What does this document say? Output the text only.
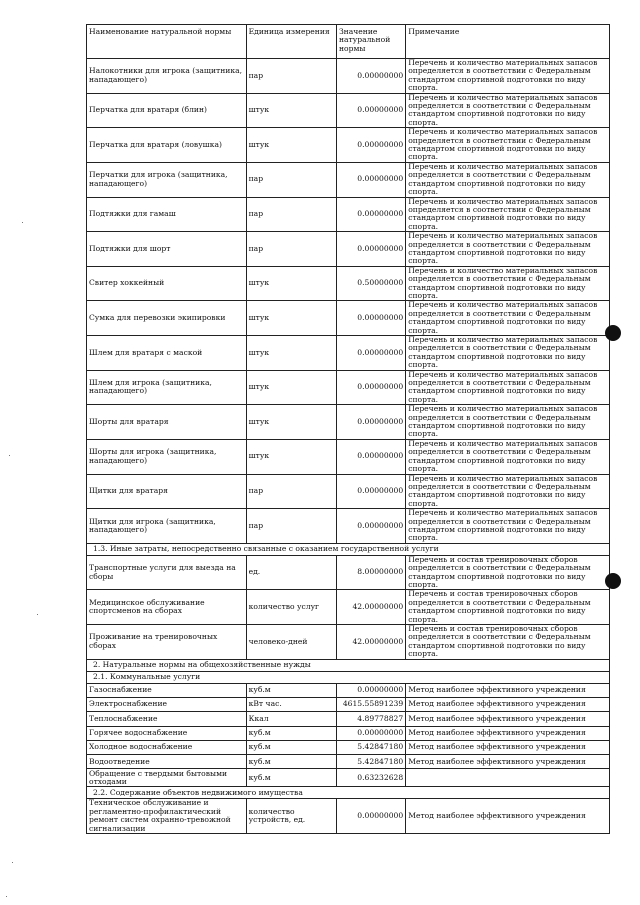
Наименование натуральной нормы	Единица измерения	Значение натуральной нормы	Примечание
Налокотники для игрока (защитника, нападающего)	пар	0.00000000	Перечень и количество материальных запасов определяется в соответствии с Федеральным стандартом спортивной подготовки по виду спорта.
Перчатка для вратаря (блин)	штук	0.00000000	Перечень и количество материальных запасов определяется в соответствии с Федеральным стандартом спортивной подготовки по виду спорта.
Перчатка для вратаря (ловушка)	штук	0.00000000	Перечень и количество материальных запасов определяется в соответствии с Федеральным стандартом спортивной подготовки по виду спорта.
Перчатки для игрока (защитника, нападающего)	пар	0.00000000	Перечень и количество материальных запасов определяется в соответствии с Федеральным стандартом спортивной подготовки по виду спорта.
Подтяжки для гамаш	пар	0.00000000	Перечень и количество материальных запасов определяется в соответствии с Федеральным стандартом спортивной подготовки по виду спорта.
Подтяжки для шорт	пар	0.00000000	Перечень и количество материальных запасов определяется в соответствии с Федеральным стандартом спортивной подготовки по виду спорта.
Свитер хоккейный	штук	0.50000000	Перечень и количество материальных запасов определяется в соответствии с Федеральным стандартом спортивной подготовки по виду спорта.
Сумка для перевозки экипировки	штук	0.00000000	Перечень и количество материальных запасов определяется в соответствии с Федеральным стандартом спортивной подготовки по виду спорта.
Шлем для вратаря с маской	штук	0.00000000	Перечень и количество материальных запасов определяется в соответствии с Федеральным стандартом спортивной подготовки по виду спорта.
Шлем для игрока (защитника, нападающего)	штук	0.00000000	Перечень и количество материальных запасов определяется в соответствии с Федеральным стандартом спортивной подготовки по виду спорта.
Шорты для вратаря	штук	0.00000000	Перечень и количество материальных запасов определяется в соответствии с Федеральным стандартом спортивной подготовки по виду спорта.
Шорты для игрока (защитника, нападающего)	штук	0.00000000	Перечень и количество материальных запасов определяется в соответствии с Федеральным стандартом спортивной подготовки по виду спорта.
Щитки для вратаря	пар	0.00000000	Перечень и количество материальных запасов определяется в соответствии с Федеральным стандартом спортивной подготовки по виду спорта.
Щитки для игрока (защитника, нападающего)	пар	0.00000000	Перечень и количество материальных запасов определяется в соответствии с Федеральным стандартом спортивной подготовки по виду спорта.
1.3. Иные затраты, непосредственно связанные с оказанием государственной услуги			
Транспортные услуги для выезда на сборы	ед.	8.00000000	Перечень и состав тренировочных сборов определяется в соответствии с Федеральным стандартом спортивной подготовки по виду спорта.
Медицинское обслуживание спортсменов на сборах	количество услуг	42.00000000	Перечень и состав тренировочных сборов определяется в соответствии с Федеральным стандартом спортивной подготовки по виду спорта.
Проживание на тренировочных сборах	человеко-дней	42.00000000	Перечень и состав тренировочных сборов определяется в соответствии с Федеральным стандартом спортивной подготовки по виду спорта.
2. Натуральные нормы на общехозяйственные нужды			
2.1. Коммунальные услуги			
Газоснабжение	куб.м	0.00000000	Метод наиболее эффективного учреждения
Электроснабжение	кВт час.	4615.55891239	Метод наиболее эффективного учреждения
Теплоснабжение	Ккал	4.89778827	Метод наиболее эффективного учреждения
Горячее водоснабжение	куб.м	0.00000000	Метод наиболее эффективного учреждения
Холодное водоснабжение	куб.м	5.42847180	Метод наиболее эффективного учреждения
Водоотведение	куб.м	5.42847180	Метод наиболее эффективного учреждения
Обращение с твердыми бытовыми отходами	куб.м	0.63232628	
2.2. Содержание объектов недвижимого имущества			
Техническое обслуживание и регламентно-профилактический ремонт систем охранно-тревожной сигнализации	количество устройств, ед.	0.00000000	Метод наиболее эффективного учреждения
